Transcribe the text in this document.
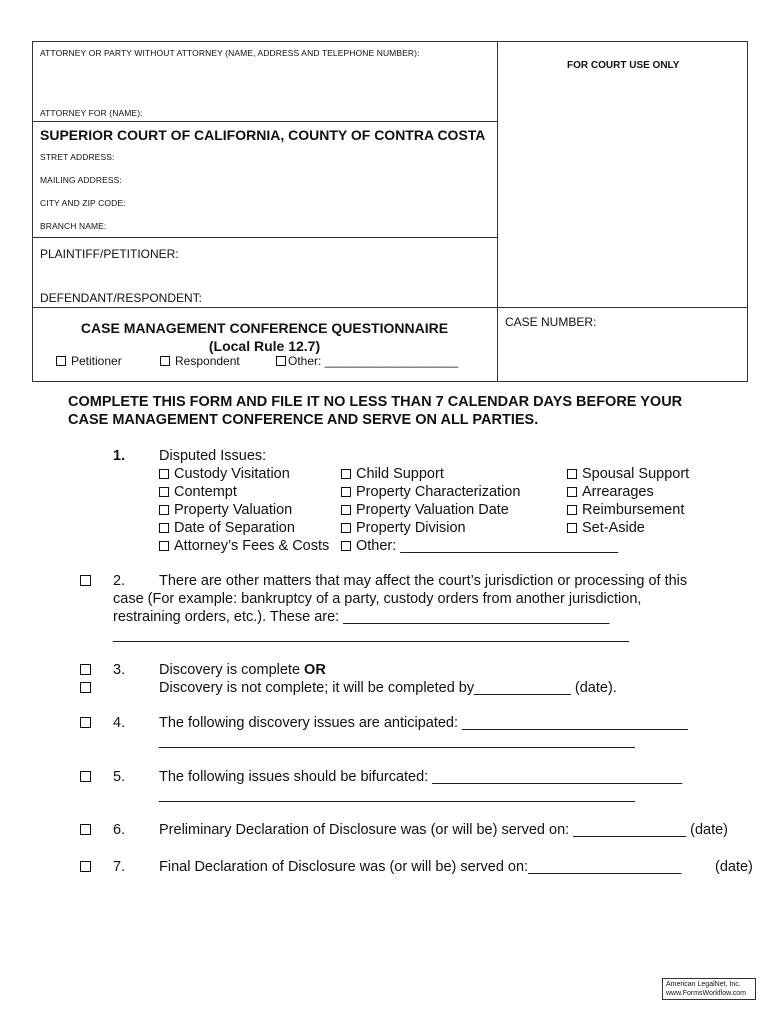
ATTORNEY OR PARTY WITHOUT ATTORNEY (NAME, ADDRESS AND TELEPHONE NUMBER):
FOR COURT USE ONLY
ATTORNEY FOR (NAME):
SUPERIOR COURT OF CALIFORNIA, COUNTY OF CONTRA COSTA
STRET ADDRESS:
MAILING ADDRESS:
CITY AND ZIP CODE:
BRANCH NAME:
PLAINTIFF/PETITIONER:
DEFENDANT/RESPONDENT:
CASE MANAGEMENT CONFERENCE QUESTIONNAIRE
(Local Rule 12.7)
CASE NUMBER:
Petitioner	Respondent	Other: ____________________
COMPLETE THIS FORM AND FILE IT NO LESS THAN 7 CALENDAR DAYS BEFORE YOUR
CASE MANAGEMENT CONFERENCE AND SERVE ON ALL PARTIES.
1. Disputed Issues:
Custody Visitation	Child Support	Spousal Support
Contempt	Property Characterization	Arrearages
Property Valuation	Property Valuation Date	Reimbursement
Date of Separation	Property Division	Set-Aside
Attorney’s Fees & Costs	Other: ___________________________
2. There are other matters that may affect the court’s jurisdiction or processing of this
case (For example: bankruptcy of a party, custody orders from another jurisdiction,
restraining orders, etc.). These are: _________________________________
________________________________________________________________
3. Discovery is complete OR
Discovery is not complete; it will be completed by____________ (date).
4. The following discovery issues are anticipated: ____________________________
___________________________________________________________
5. The following issues should be bifurcated: _______________________________
___________________________________________________________
6. Preliminary Declaration of Disclosure was (or will be) served on: ______________ (date)
7. Final Declaration of Disclosure was (or will be) served on:___________________ (date)
American LegalNet, Inc.
www.FormsWorkflow.com
